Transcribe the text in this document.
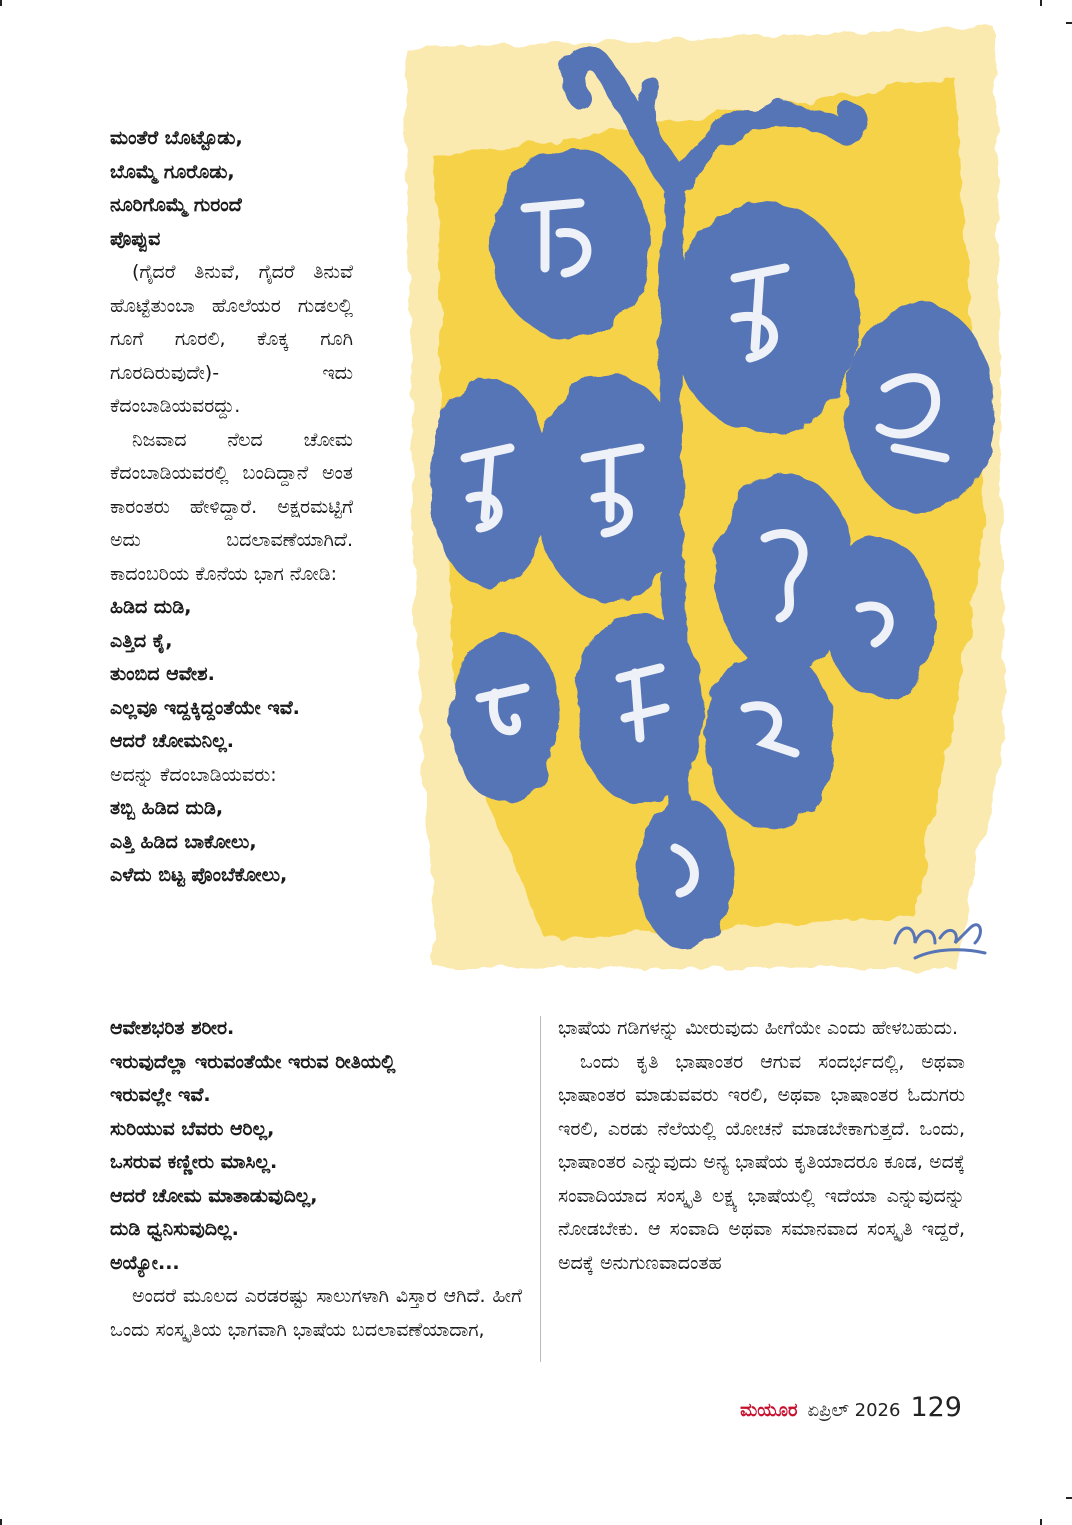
ಮಂತೆರೆ ಬೊಟ್ಟೊಡು,

ಬೊಮ್ಮೆ ಗೂರೊಡು,

ನೂರಿಗೊಮ್ಮೆ ಗುರಂದೆ

ಪೊಪ್ಪುವ

(ಗೈದರೆ ತಿನುವೆ, ಗೈದರೆ ತಿನುವೆ ಹೊಟ್ಟೆತುಂಬಾ ಹೊಲೆಯರ ಗುಡಲಲ್ಲಿ ಗೂಗೆ ಗೂರಲಿ, ಕೊಕ್ಕ ಗೂಗಿ ಗೂರದಿರುವುದೇ)- ಇದು ಕೆದಂಬಾಡಿಯವರದ್ದು.

ನಿಜವಾದ ನೆಲದ ಚೋಮ ಕೆದಂಬಾಡಿಯವರಲ್ಲಿ ಬಂದಿದ್ದಾನೆ ಅಂತ ಕಾರಂತರು ಹೇಳಿದ್ದಾರೆ. ಅಕ್ಷರಮಟ್ಟಿಗೆ ಅದು ಬದಲಾವಣೆಯಾಗಿದೆ. ಕಾದಂಬರಿಯ ಕೊನೆಯ ಭಾಗ ನೋಡಿ:

ಹಿಡಿದ ದುಡಿ,

ಎತ್ತಿದ ಕೈ,

ತುಂಬಿದ ಆವೇಶ.

ಎಲ್ಲವೂ ಇದ್ದಕ್ಕಿದ್ದಂತೆಯೇ ಇವೆ.

ಆದರೆ ಚೋಮನಿಲ್ಲ.

ಅದನ್ನು ಕೆದಂಬಾಡಿಯವರು:

ತಬ್ಬಿ ಹಿಡಿದ ದುಡಿ,

ಎತ್ತಿ ಹಿಡಿದ ಬಾಕೋಲು,

ಎಳೆದು ಬಿಟ್ಟ ಪೊಂಬೆಕೋಲು,

ಆವೇಶಭರಿತ ಶರೀರ.

ಇರುವುದೆಲ್ಲಾ ಇರುವಂತೆಯೇ ಇರುವ ರೀತಿಯಲ್ಲಿ

ಇರುವಲ್ಲೇ ಇವೆ.

ಸುರಿಯುವ ಬೆವರು ಆರಿಲ್ಲ,

ಒಸರುವ ಕಣ್ಣೀರು ಮಾಸಿಲ್ಲ.

ಆದರೆ ಚೋಮ ಮಾತಾಡುವುದಿಲ್ಲ,

ದುಡಿ ಧ್ವನಿಸುವುದಿಲ್ಲ.

ಅಯ್ಯೋ...

ಅಂದರೆ ಮೂಲದ ಎರಡರಷ್ಟು ಸಾಲುಗಳಾಗಿ ವಿಸ್ತಾರ ಆಗಿದೆ. ಹೀಗೆ ಒಂದು ಸಂಸ್ಕೃತಿಯ ಭಾಗವಾಗಿ ಭಾಷೆಯ ಬದಲಾವಣೆಯಾದಾಗ,

ಭಾಷೆಯ ಗಡಿಗಳನ್ನು ಮೀರುವುದು ಹೀಗೆಯೇ ಎಂದು ಹೇಳಬಹುದು.

ಒಂದು ಕೃತಿ ಭಾಷಾಂತರ ಆಗುವ ಸಂದರ್ಭದಲ್ಲಿ, ಅಥವಾ ಭಾಷಾಂತರ ಮಾಡುವವರು ಇರಲಿ, ಅಥವಾ ಭಾಷಾಂತರ ಓದುಗರು ಇರಲಿ, ಎರಡು ನೆಲೆಯಲ್ಲಿ ಯೋಚನೆ ಮಾಡಬೇಕಾಗುತ್ತದೆ. ಒಂದು, ಭಾಷಾಂತರ ಎನ್ನುವುದು ಅನ್ಯ ಭಾಷೆಯ ಕೃತಿಯಾದರೂ ಕೂಡ, ಅದಕ್ಕೆ ಸಂವಾದಿಯಾದ ಸಂಸ್ಕೃತಿ ಲಕ್ಷ್ಯ ಭಾಷೆಯಲ್ಲಿ ಇದೆಯಾ ಎನ್ನುವುದನ್ನು ನೋಡಬೇಕು. ಆ ಸಂವಾದಿ ಅಥವಾ ಸಮಾನವಾದ ಸಂಸ್ಕೃತಿ ಇದ್ದರೆ, ಅದಕ್ಕೆ ಅನುಗುಣವಾದಂತಹ

ಮಯೂರ ಏಪ್ರಿಲ್ 2026 129
